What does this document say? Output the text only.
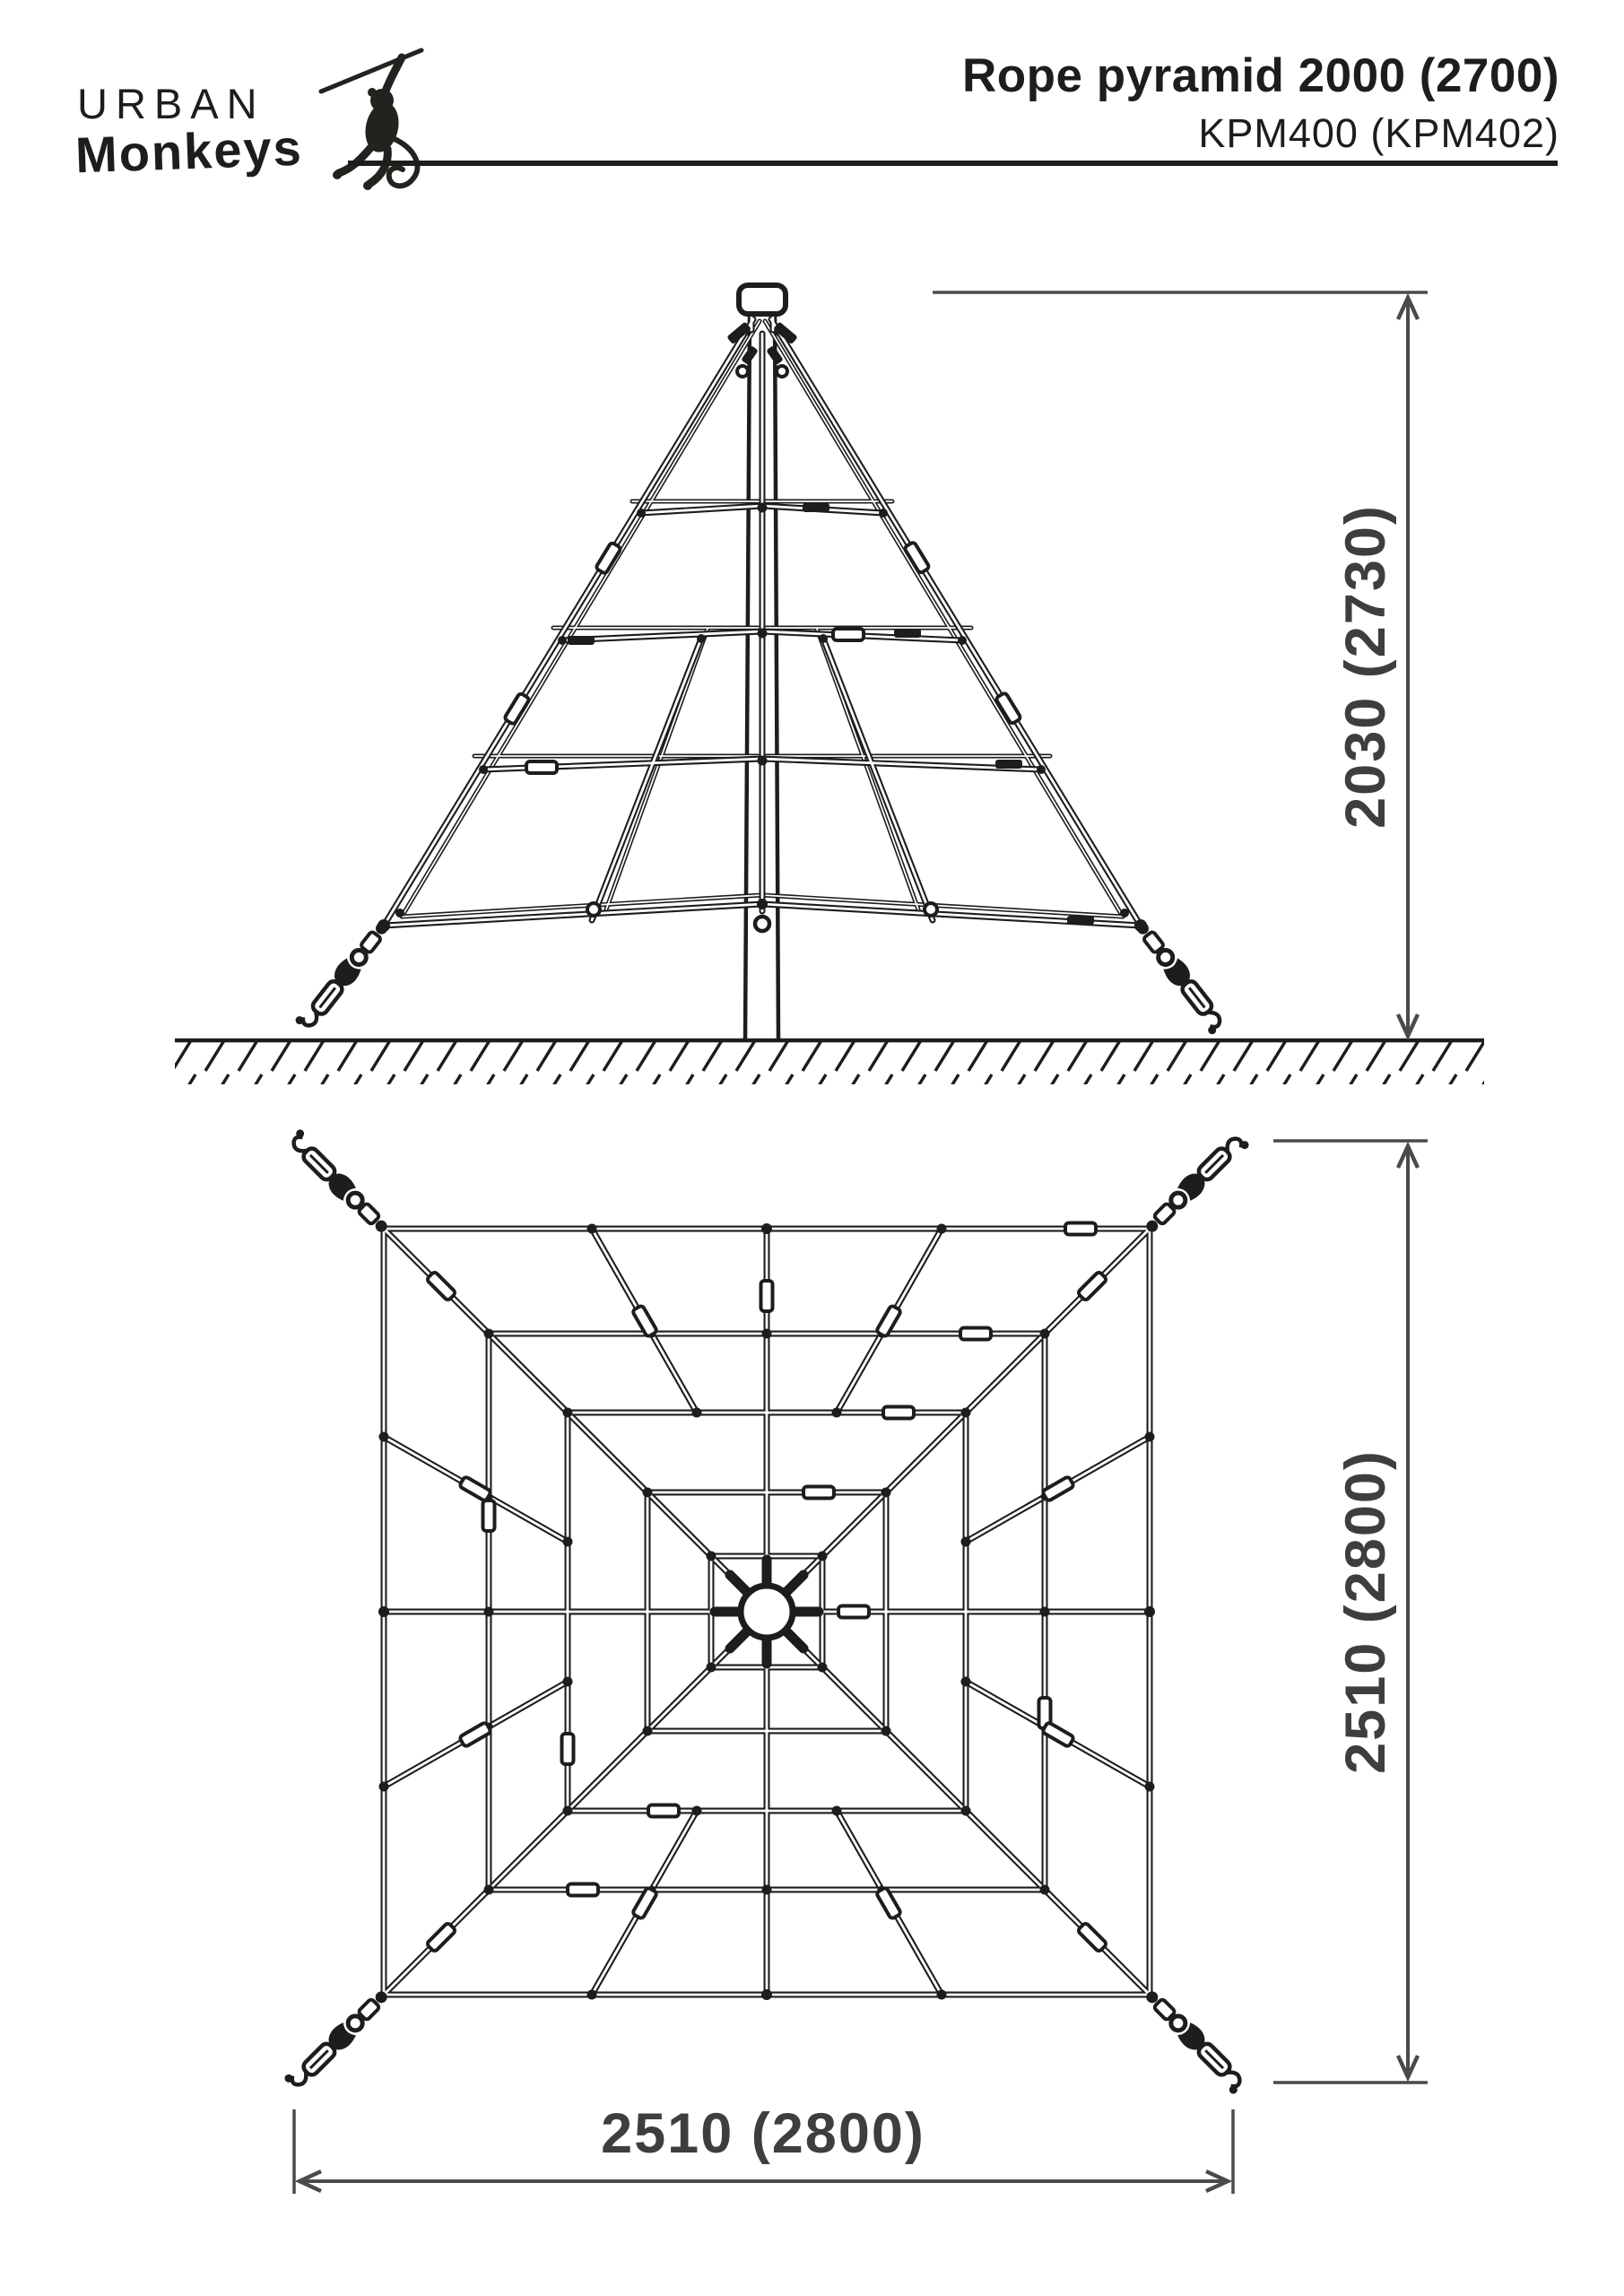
URBAN
Monkeys
Rope pyramid 2000 (2700)
KPM400 (KPM402)
2030 (2730)
2510 (2800)
2510 (2800)
